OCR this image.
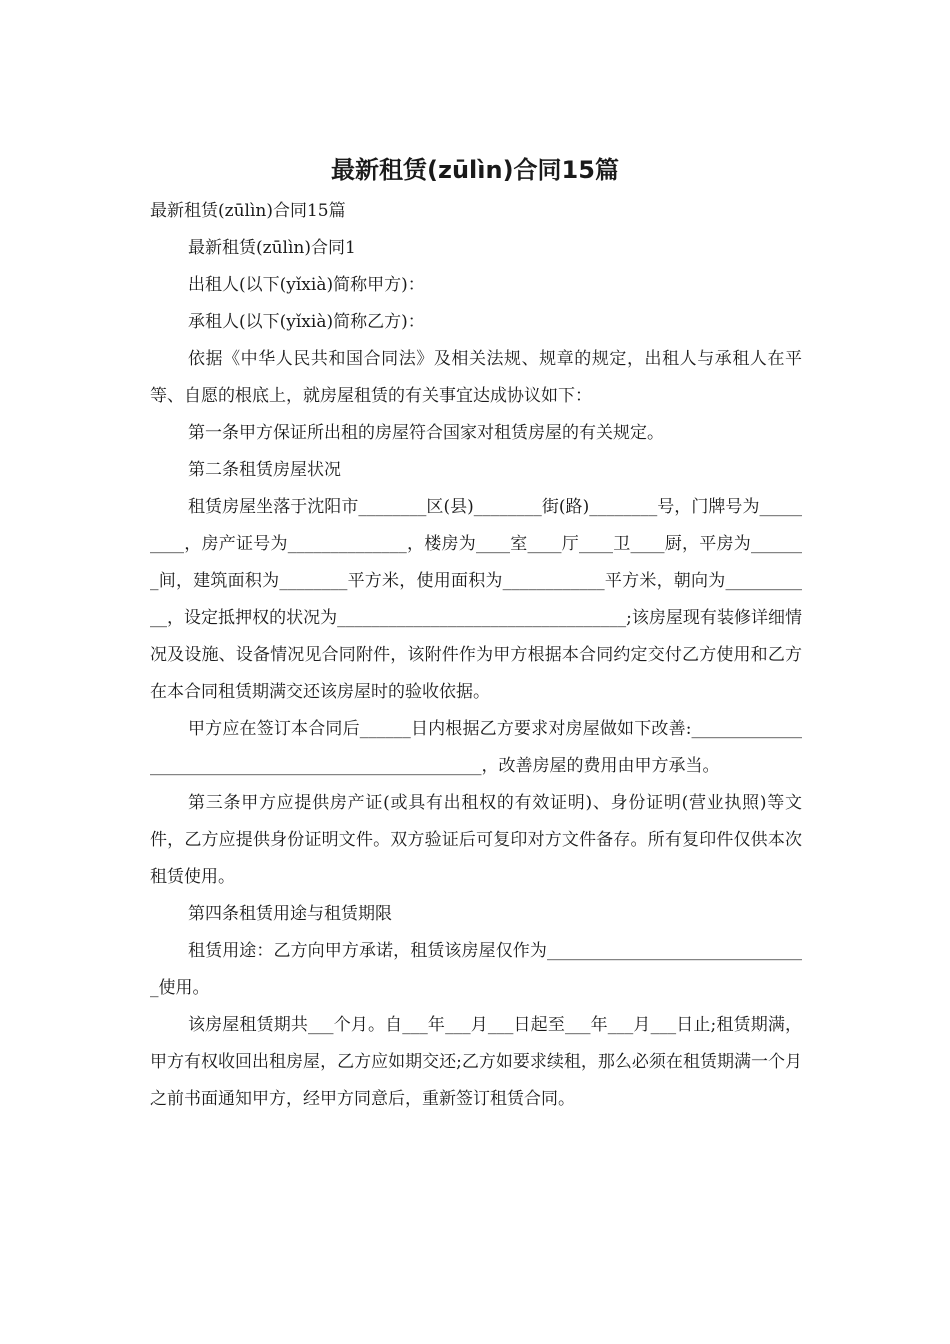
最新租赁(zūlìn)合同15篇

最新租赁(zūlìn)合同15篇

最新租赁(zūlìn)合同1

出租人(以下(yǐxià)简称甲方)：

承租人(以下(yǐxià)简称乙方)：

依据《中华人民共和国合同法》及相关法规、规章的规定，出租人与承租人在平等、自愿的根底上，就房屋租赁的有关事宜达成协议如下：

第一条甲方保证所出租的房屋符合国家对租赁房屋的有关规定。

第二条租赁房屋状况

租赁房屋坐落于沈阳市________区(县)________街(路)________号，门牌号为_________，房产证号为______________，楼房为____室____厅____卫____厨，平房为_______间，建筑面积为________平方米，使用面积为____________平方米，朝向为___________，设定抵押权的状况为__________________________________;该房屋现有装修详细情况及设施、设备情况见合同附件，该附件作为甲方根据本合同约定交付乙方使用和乙方在本合同租赁期满交还该房屋时的验收依据。

甲方应在签订本合同后______日内根据乙方要求对房屋做如下改善:____________________________________________________，改善房屋的费用由甲方承当。

第三条甲方应提供房产证(或具有出租权的有效证明)、身份证明(营业执照)等文件，乙方应提供身份证明文件。双方验证后可复印对方文件备存。所有复印件仅供本次租赁使用。

第四条租赁用途与租赁期限

租赁用途：乙方向甲方承诺，租赁该房屋仅作为_______________________________使用。

该房屋租赁期共___个月。自___年___月___日起至___年___月___日止;租赁期满，甲方有权收回出租房屋，乙方应如期交还;乙方如要求续租，那么必须在租赁期满一个月之前书面通知甲方，经甲方同意后，重新签订租赁合同。
